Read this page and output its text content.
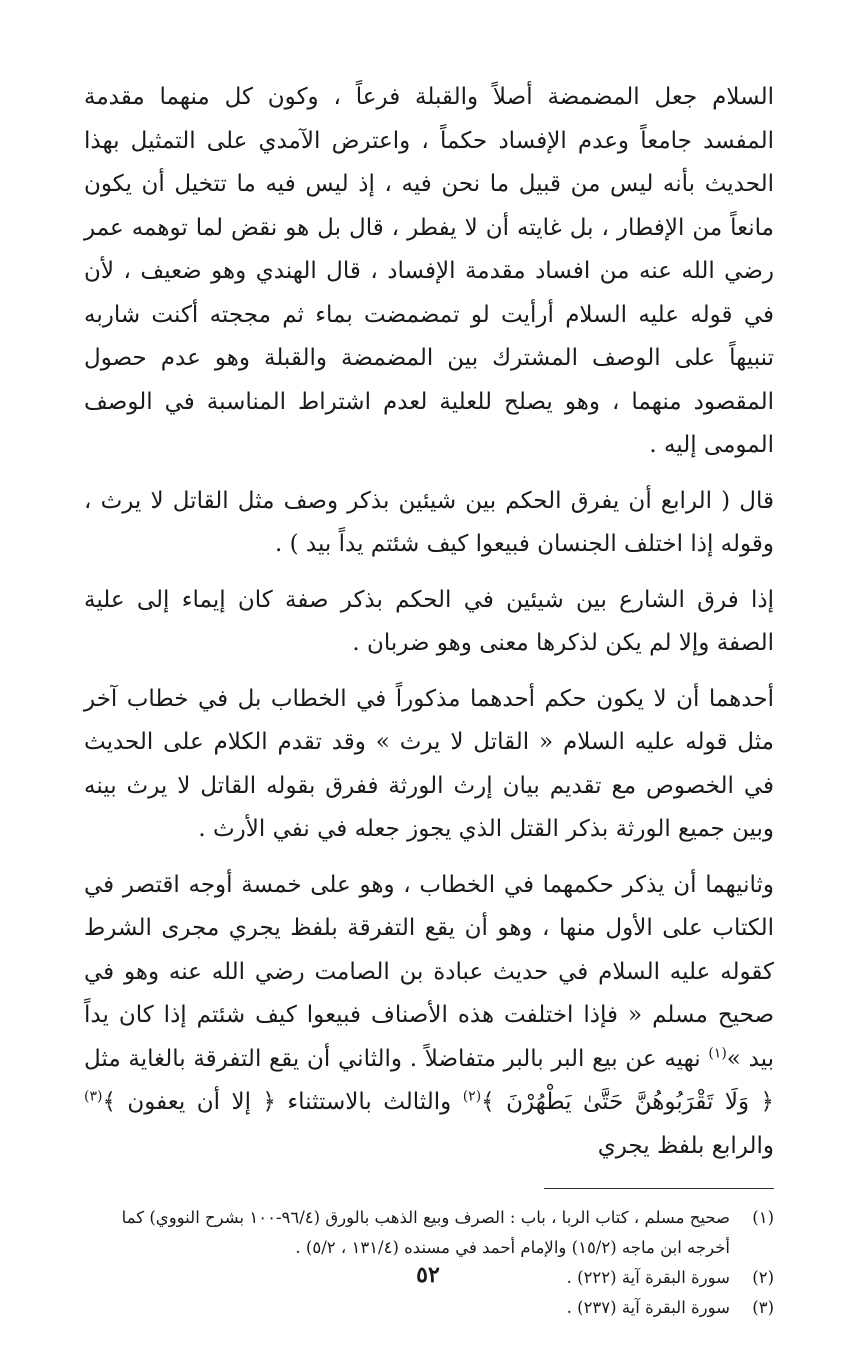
السلام جعل المضمضة أصلاً والقبلة فرعاً ، وكون كل منهما مقدمة المفسد جامعاً وعدم الإفساد حكماً ، واعترض الآمدي على التمثيل بهذا الحديث بأنه ليس من قبيل ما نحن فيه ، إذ ليس فيه ما تتخيل أن يكون مانعاً من الإفطار ، بل غايته أن لا يفطر ، قال بل هو نقض لما توهمه عمر رضي الله عنه من افساد مقدمة الإفساد ، قال الهندي وهو ضعيف ، لأن في قوله عليه السلام أرأيت لو تمضمضت بماء ثم مججته أكنت شاربه تنبيهاً على الوصف المشترك بين المضمضة والقبلة وهو عدم حصول المقصود منهما ، وهو يصلح للعلية لعدم اشتراط المناسبة في الوصف المومى إليه .

قال ( الرابع أن يفرق الحكم بين شيئين بذكر وصف مثل القاتل لا يرث ، وقوله إذا اختلف الجنسان فبيعوا كيف شئتم يداً بيد ) .

إذا فرق الشارع بين شيئين في الحكم بذكر صفة كان إيماء إلى علية الصفة وإلا لم يكن لذكرها معنى وهو ضربان .

أحدهما أن لا يكون حكم أحدهما مذكوراً في الخطاب بل في خطاب آخر مثل قوله عليه السلام « القاتل لا يرث » وقد تقدم الكلام على الحديث في الخصوص مع تقديم بيان إرث الورثة ففرق بقوله القاتل لا يرث بينه وبين جميع الورثة بذكر القتل الذي يجوز جعله في نفي الأرث .

وثانيهما أن يذكر حكمهما في الخطاب ، وهو على خمسة أوجه اقتصر في الكتاب على الأول منها ، وهو أن يقع التفرقة بلفظ يجري مجرى الشرط كقوله عليه السلام في حديث عبادة بن الصامت رضي الله عنه وهو في صحيح مسلم « فإذا اختلفت هذه الأصناف فبيعوا كيف شئتم إذا كان يداً بيد »$^{(١)}$ نهيه عن بيع البر بالبر متفاضلاً . والثاني أن يقع التفرقة بالغاية مثل ﴿ وَلَا تَقْرَبُوهُنَّ حَتَّىٰ يَطْهُرْنَ ﴾$^{(٢)}$ والثالث بالاستثناء ﴿ إلا أن يعفون ﴾$^{(٣)}$ والرابع بلفظ يجري

(١)
صحيح مسلم ، كتاب الربا ، باب : الصرف وبيع الذهب بالورق (٩٦/٤-١٠٠ بشرح النووي) كما أخرجه ابن ماجه (١٥/٢) والإمام أحمد في مسنده (١٣١/٤ ، ٥/٢) .
(٢)
سورة البقرة آية (٢٢٢) .
(٣)
سورة البقرة آية (٢٣٧) .
٥٢
